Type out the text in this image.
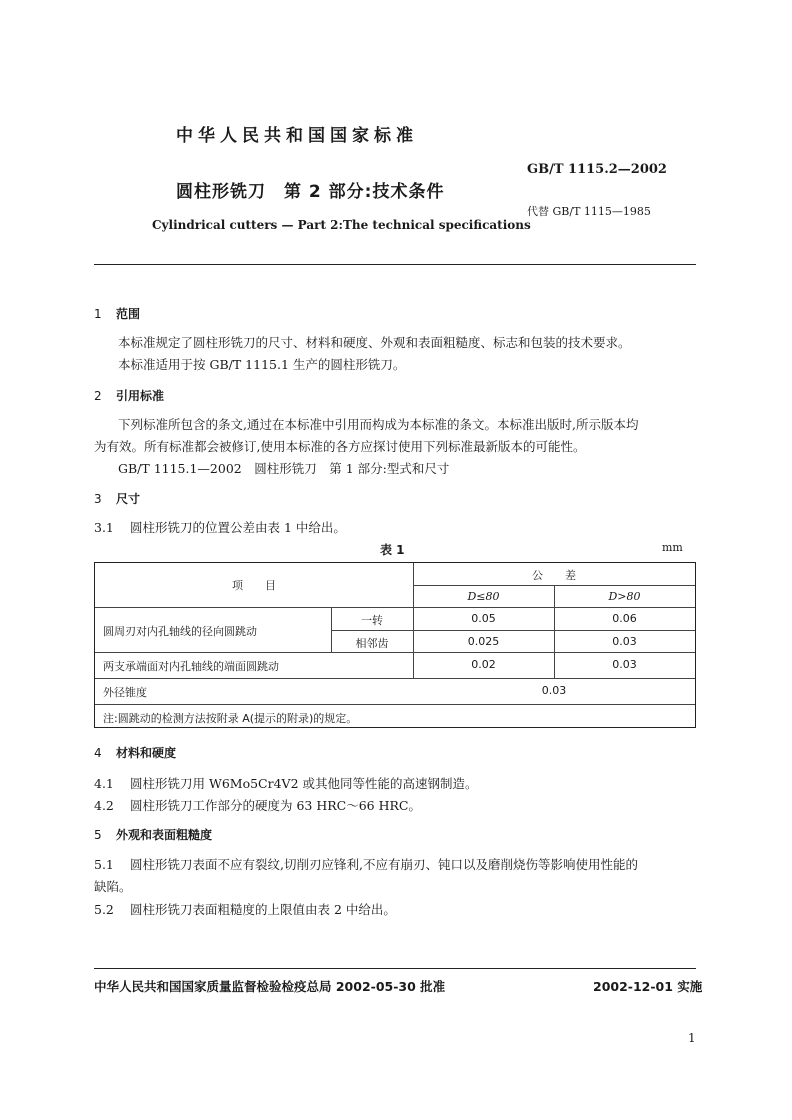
中华人民共和国国家标准
GB/T 1115.2—2002
圆柱形铣刀　第 2 部分:技术条件
代替 GB/T 1115—1985
Cylindrical cutters — Part 2:The technical specifications
1 范围
本标准规定了圆柱形铣刀的尺寸、材料和硬度、外观和表面粗糙度、标志和包装的技术要求。
本标准适用于按 GB/T 1115.1 生产的圆柱形铣刀。
2 引用标准
下列标准所包含的条文,通过在本标准中引用而构成为本标准的条文。本标准出版时,所示版本均
为有效。所有标准都会被修订,使用本标准的各方应探讨使用下列标准最新版本的可能性。
GB/T 1115.1—2002　圆柱形铣刀　第 1 部分:型式和尺寸
3 尺寸
3.1 圆柱形铣刀的位置公差由表 1 中给出。
表 1	mm
项　　目
公　　差
D≤80	D>80
圆周刃对内孔轴线的径向圆跳动
一转	0.05	0.06
相邻齿	0.025	0.03
两支承端面对内孔轴线的端面圆跳动	0.02	0.03
外径锥度	0.03
注:圆跳动的检测方法按附录 A(提示的附录)的规定。
4 材料和硬度
4.1 圆柱形铣刀用 W6Mo5Cr4V2 或其他同等性能的高速钢制造。
4.2 圆柱形铣刀工作部分的硬度为 63 HRC～66 HRC。
5 外观和表面粗糙度
5.1 圆柱形铣刀表面不应有裂纹,切削刃应锋利,不应有崩刃、钝口以及磨削烧伤等影响使用性能的
缺陷。
5.2 圆柱形铣刀表面粗糙度的上限值由表 2 中给出。
中华人民共和国国家质量监督检验检疫总局 2002-05-30 批准	2002-12-01 实施
1
